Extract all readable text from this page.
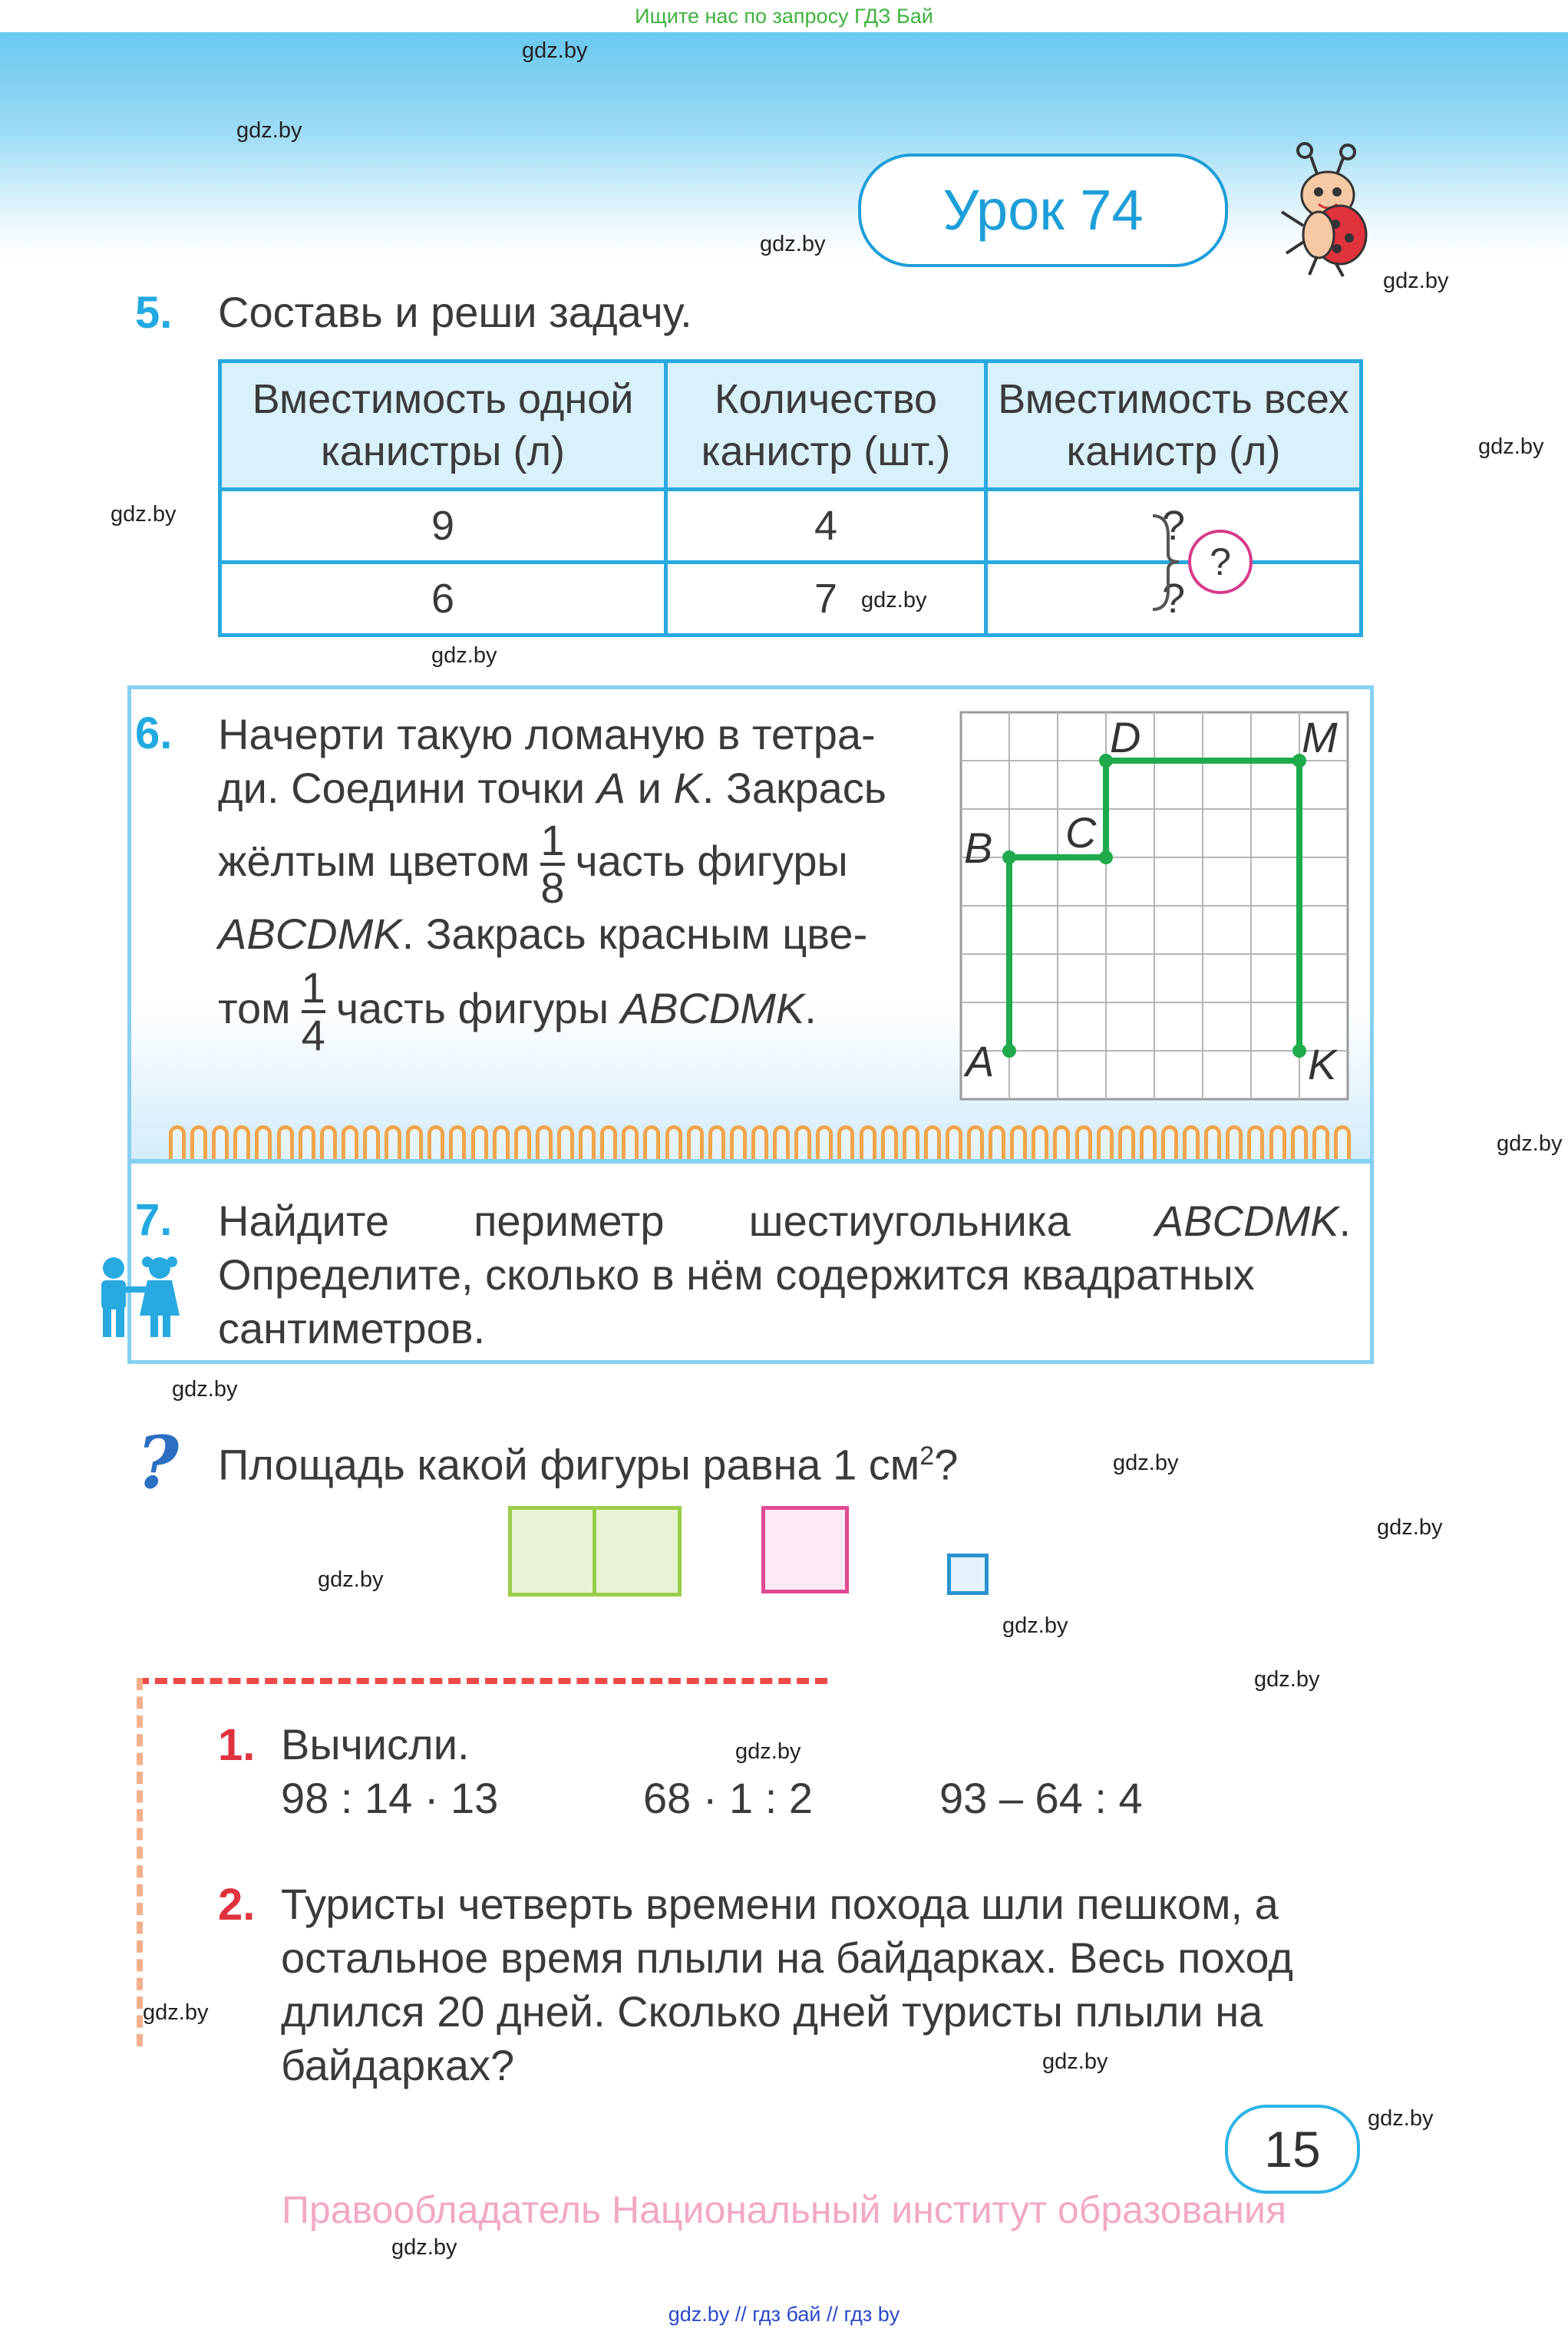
Ищите нас по запросу ГДЗ Бай
gdz.by
gdz.by
gdz.by
gdz.by
gdz.by
gdz.by
gdz.by
gdz.by
gdz.by
gdz.by
gdz.by
gdz.by
gdz.by
gdz.by
gdz.by
gdz.by
gdz.by
gdz.by
gdz.by
gdz.by
Урок 74
5. Составь и реши задачу.
Вместимость одной канистры (л)	Количество канистр (шт.)	Вместимость всех канистр (л)
9	4	?
6	7	?
?
6. Начерти такую ломаную в тетра-
ди. Соедини точки A и K. Закрась
жёлтым цветом $\frac{1}{8}$ часть фигуры
ABCDMK. Закрась красным цве-
том $\frac{1}{4}$ часть фигуры ABCDMK.
A
B C
D	M
K
7. Найдите периметр шестиугольника ABCDMK.
Определите, сколько в нём содержится квадратных
сантиметров.
? Площадь какой фигуры равна 1 $см^2$?
1. Вычисли.
98 : 14 · 13	68 · 1 : 2	93 – 64 : 4
2. Туристы четверть времени похода шли пешком, а
остальное время плыли на байдарках. Весь поход
длился 20 дней. Сколько дней туристы плыли на
байдарках?
15
Правообладатель Национальный институт образования
gdz.by // гдз бай // гдз by
